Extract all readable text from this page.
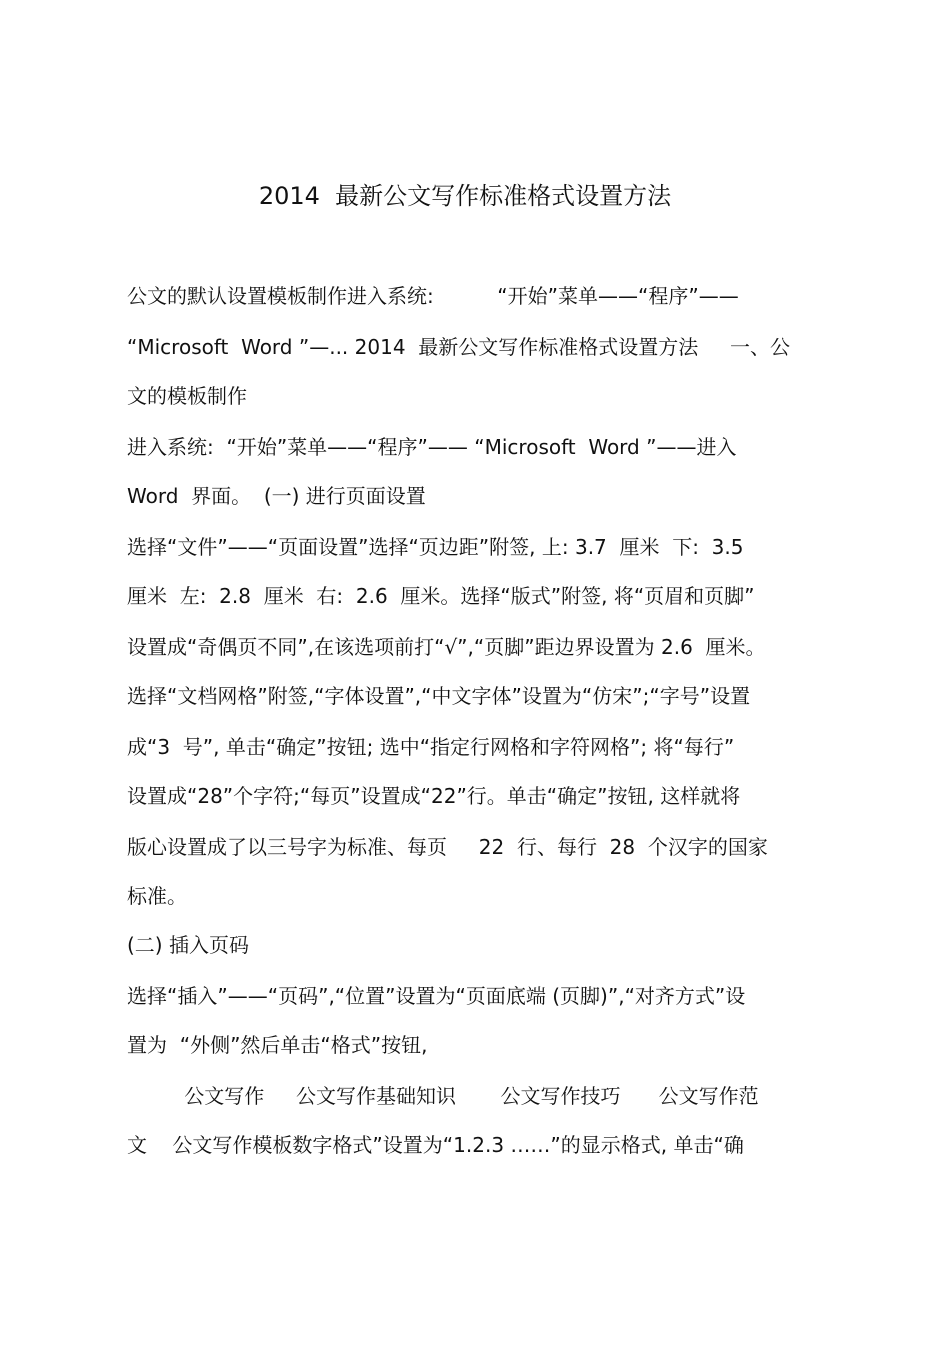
2014  最新公文写作标准格式设置方法
公文的默认设置模板制作进入系统:          “开始”菜单——“程序”——
“Microsoft  Word ”—... 2014  最新公文写作标准格式设置方法     一、公
文的模板制作
进入系统:  “开始”菜单——“程序”—— “Microsoft  Word ”——进入
Word  界面。  (一) 进行页面设置
选择“文件”——“页面设置”选择“页边距”附签, 上: 3.7  厘米  下:  3.5
厘米  左:  2.8  厘米  右:  2.6  厘米。选择“版式”附签, 将“页眉和页脚”
设置成“奇偶页不同”,在该选项前打“√”,“页脚”距边界设置为 2.6  厘米。
选择“文档网格”附签,“字体设置”,“中文字体”设置为“仿宋”;“字号”设置
成“3  号”, 单击“确定”按钮; 选中“指定行网格和字符网格”; 将“每行”
设置成“28”个字符;“每页”设置成“22”行。单击“确定”按钮, 这样就将
版心设置成了以三号字为标准、每页     22  行、每行  28  个汉字的国家
标准。
(二) 插入页码
选择“插入”——“页码”,“位置”设置为“页面底端 (页脚)”,“对齐方式”设
置为  “外侧”然后单击“格式”按钮,
公文写作     公文写作基础知识       公文写作技巧      公文写作范
文    公文写作模板数字格式”设置为“1.2.3 ……”的显示格式, 单击“确
